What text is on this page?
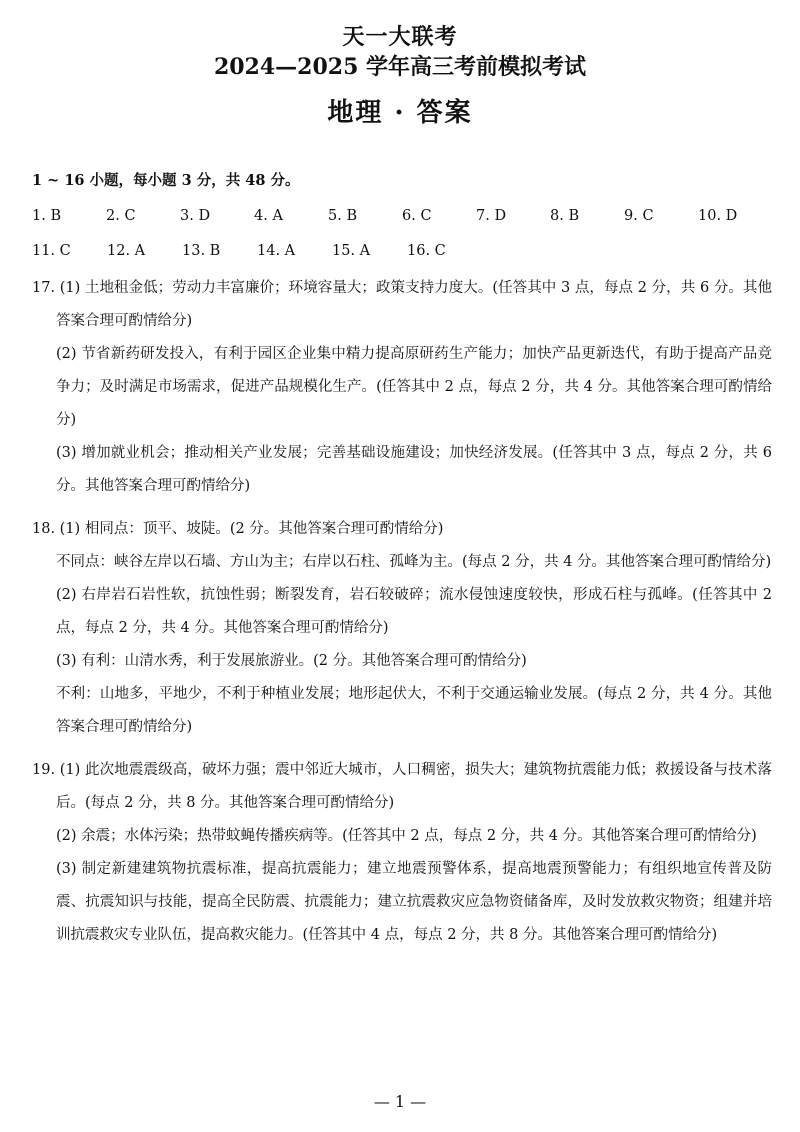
天一大联考
2024—2025 学年高三考前模拟考试
地理 · 答案
1 ~ 16 小题，每小题 3 分，共 48 分。
1. B	2. C	3. D	4. A	5. B	6. C	7. D	8. B	9. C	10. D
11. C	12. A	13. B	14. A	15. A	16. C
17. (1) 土地租金低；劳动力丰富廉价；环境容量大；政策支持力度大。(任答其中 3 点，每点 2 分，共 6 分。其他答案合理可酌情给分)
(2) 节省新药研发投入，有利于园区企业集中精力提高原研药生产能力；加快产品更新迭代，有助于提高产品竞争力；及时满足市场需求，促进产品规模化生产。(任答其中 2 点，每点 2 分，共 4 分。其他答案合理可酌情给分)
(3) 增加就业机会；推动相关产业发展；完善基础设施建设；加快经济发展。(任答其中 3 点，每点 2 分，共 6 分。其他答案合理可酌情给分)
18. (1) 相同点：顶平、坡陡。(2 分。其他答案合理可酌情给分)
不同点：峡谷左岸以石墙、方山为主；右岸以石柱、孤峰为主。(每点 2 分，共 4 分。其他答案合理可酌情给分)
(2) 右岸岩石岩性软，抗蚀性弱；断裂发育，岩石较破碎；流水侵蚀速度较快，形成石柱与孤峰。(任答其中 2 点，每点 2 分，共 4 分。其他答案合理可酌情给分)
(3) 有利：山清水秀，利于发展旅游业。(2 分。其他答案合理可酌情给分)
不利：山地多，平地少，不利于种植业发展；地形起伏大，不利于交通运输业发展。(每点 2 分，共 4 分。其他答案合理可酌情给分)
19. (1) 此次地震震级高，破坏力强；震中邻近大城市，人口稠密，损失大；建筑物抗震能力低；救援设备与技术落后。(每点 2 分，共 8 分。其他答案合理可酌情给分)
(2) 余震；水体污染；热带蚊蝇传播疾病等。(任答其中 2 点，每点 2 分，共 4 分。其他答案合理可酌情给分)
(3) 制定新建建筑物抗震标准，提高抗震能力；建立地震预警体系，提高地震预警能力；有组织地宣传普及防震、抗震知识与技能，提高全民防震、抗震能力；建立抗震救灾应急物资储备库，及时发放救灾物资；组建并培训抗震救灾专业队伍，提高救灾能力。(任答其中 4 点，每点 2 分，共 8 分。其他答案合理可酌情给分)
— 1 —
